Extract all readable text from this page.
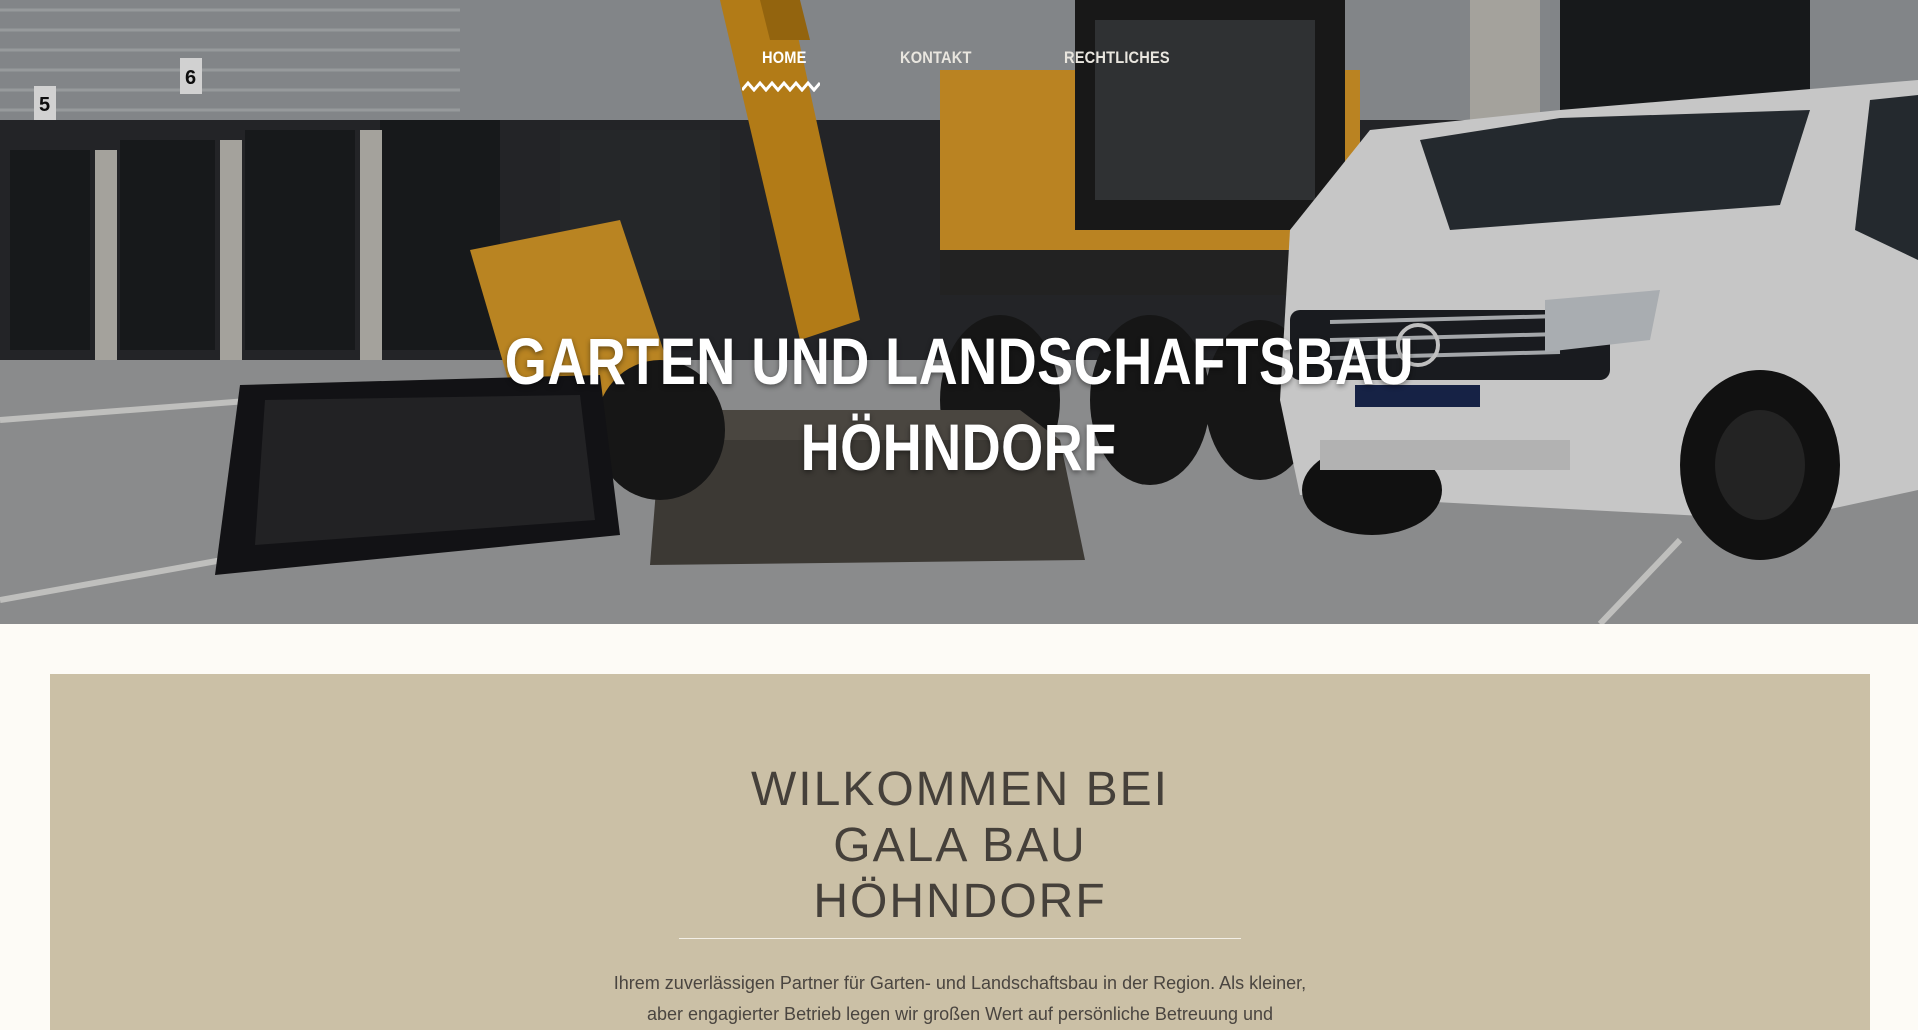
5
6
HOME	KONTAKT	RECHTLICHES
GARTEN UND LANDSCHAFTSBAU
HÖHNDORF
WILKOMMEN BEI
GALA BAU
HÖHNDORF
Ihrem zuverlässigen Partner für Garten- und Landschaftsbau in der Region. Als kleiner,
aber engagierter Betrieb legen wir großen Wert auf persönliche Betreuung und
